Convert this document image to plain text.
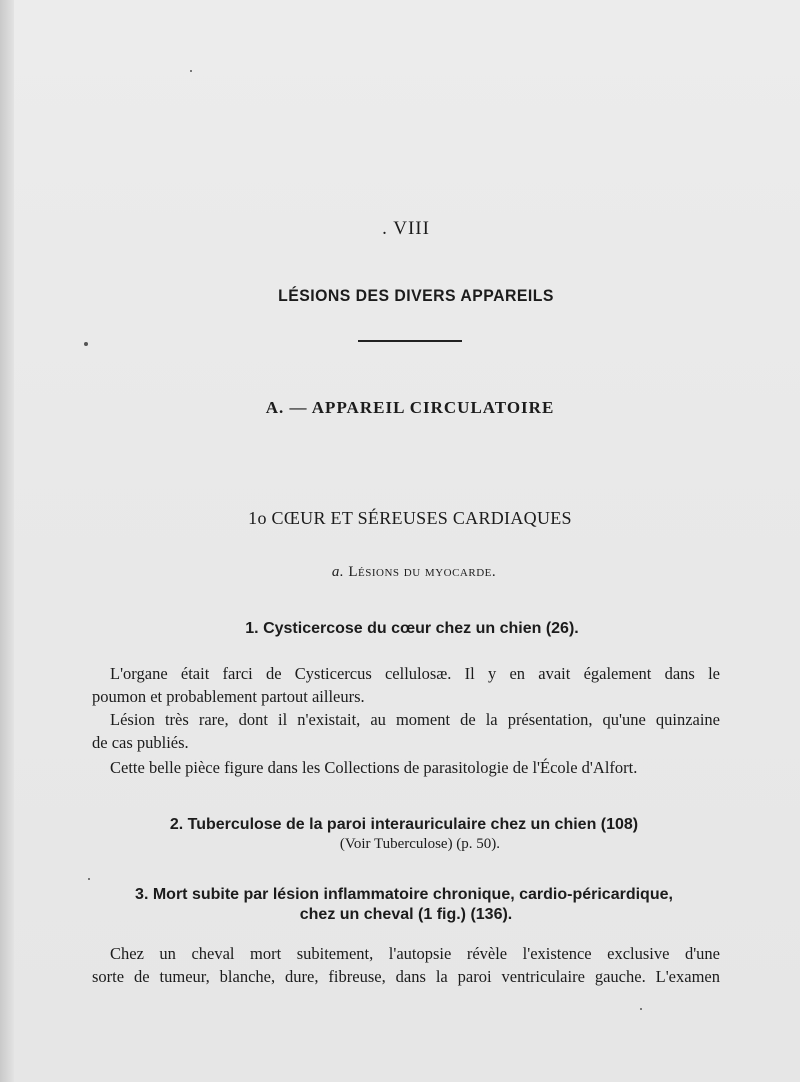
. VIII
LÉSIONS DES DIVERS APPAREILS
A. — APPAREIL CIRCULATOIRE
1o CŒUR ET SÉREUSES CARDIAQUES
a. Lésions du myocarde.
1. Cysticercose du cœur chez un chien (26).
L'organe était farci de Cysticercus cellulosæ. Il y en avait également dans le
poumon et probablement partout ailleurs.
Lésion très rare, dont il n'existait, au moment de la présentation, qu'une quinzaine
de cas publiés.
Cette belle pièce figure dans les Collections de parasitologie de l'École d'Alfort.
2. Tuberculose de la paroi interauriculaire chez un chien (108)
(Voir Tuberculose) (p. 50).
3. Mort subite par lésion inflammatoire chronique, cardio-péricardique,
chez un cheval (1 fig.) (136).
Chez un cheval mort subitement, l'autopsie révèle l'existence exclusive d'une
sorte de tumeur, blanche, dure, fibreuse, dans la paroi ventriculaire gauche. L'examen
